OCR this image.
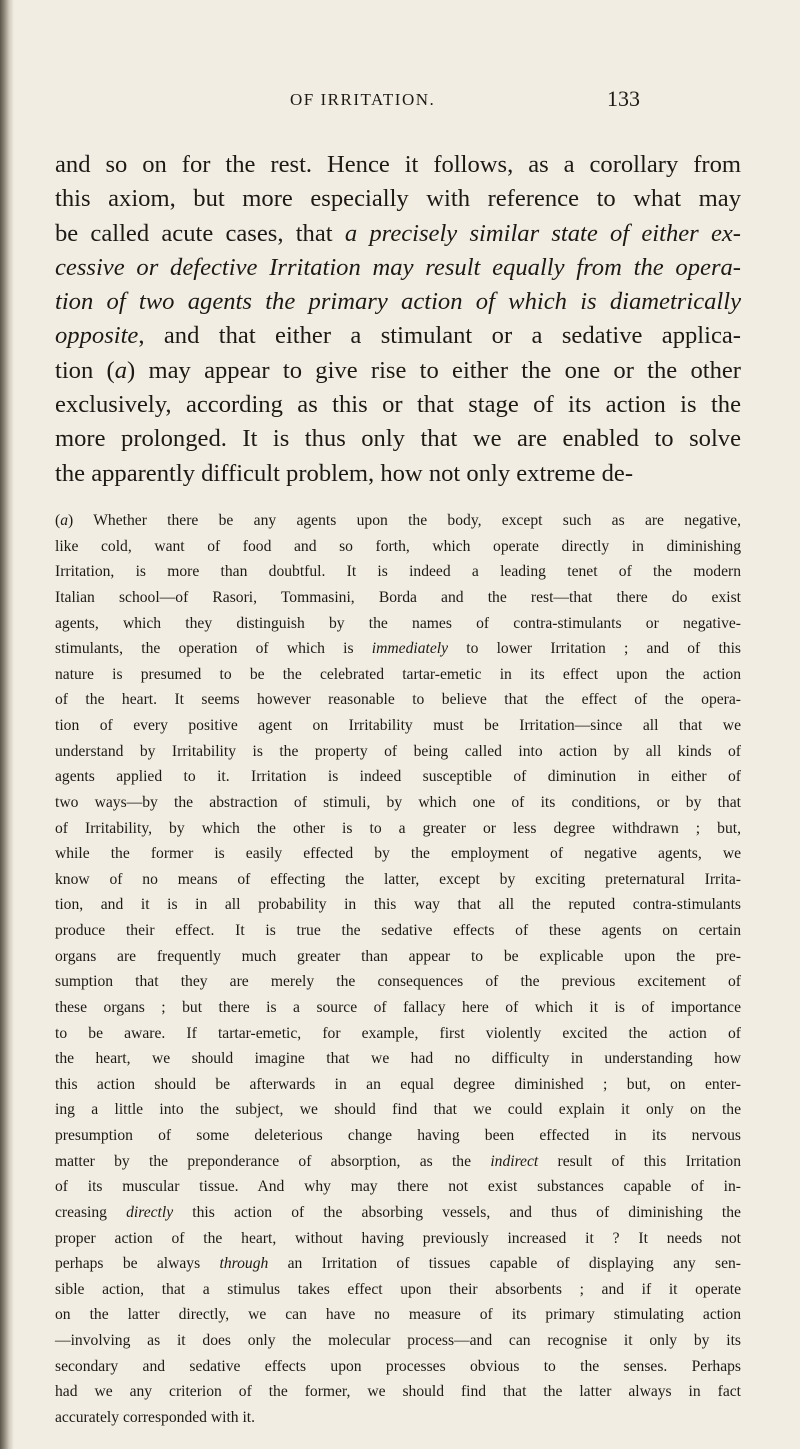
OF IRRITATION.	133
and so on for the rest. Hence it follows, as a corollary from
this axiom, but more especially with reference to what may
be called acute cases, that a precisely similar state of either ex-
cessive or defective Irritation may result equally from the opera-
tion of two agents the primary action of which is diametrically
opposite, and that either a stimulant or a sedative applica-
tion (a) may appear to give rise to either the one or the other
exclusively, according as this or that stage of its action is the
more prolonged. It is thus only that we are enabled to solve
the apparently difficult problem, how not only extreme de-
(a) Whether there be any agents upon the body, except such as are negative,
like cold, want of food and so forth, which operate directly in diminishing
Irritation, is more than doubtful. It is indeed a leading tenet of the modern
Italian school—of Rasori, Tommasini, Borda and the rest—that there do exist
agents, which they distinguish by the names of contra-stimulants or negative-
stimulants, the operation of which is immediately to lower Irritation ; and of this
nature is presumed to be the celebrated tartar-emetic in its effect upon the action
of the heart. It seems however reasonable to believe that the effect of the opera-
tion of every positive agent on Irritability must be Irritation—since all that we
understand by Irritability is the property of being called into action by all kinds of
agents applied to it. Irritation is indeed susceptible of diminution in either of
two ways—by the abstraction of stimuli, by which one of its conditions, or by that
of Irritability, by which the other is to a greater or less degree withdrawn ; but,
while the former is easily effected by the employment of negative agents, we
know of no means of effecting the latter, except by exciting preternatural Irrita-
tion, and it is in all probability in this way that all the reputed contra-stimulants
produce their effect. It is true the sedative effects of these agents on certain
organs are frequently much greater than appear to be explicable upon the pre-
sumption that they are merely the consequences of the previous excitement of
these organs ; but there is a source of fallacy here of which it is of importance
to be aware. If tartar-emetic, for example, first violently excited the action of
the heart, we should imagine that we had no difficulty in understanding how
this action should be afterwards in an equal degree diminished ; but, on enter-
ing a little into the subject, we should find that we could explain it only on the
presumption of some deleterious change having been effected in its nervous
matter by the preponderance of absorption, as the indirect result of this Irritation
of its muscular tissue. And why may there not exist substances capable of in-
creasing directly this action of the absorbing vessels, and thus of diminishing the
proper action of the heart, without having previously increased it ? It needs not
perhaps be always through an Irritation of tissues capable of displaying any sen-
sible action, that a stimulus takes effect upon their absorbents ; and if it operate
on the latter directly, we can have no measure of its primary stimulating action
—involving as it does only the molecular process—and can recognise it only by its
secondary and sedative effects upon processes obvious to the senses. Perhaps
had we any criterion of the former, we should find that the latter always in fact
accurately corresponded with it.
